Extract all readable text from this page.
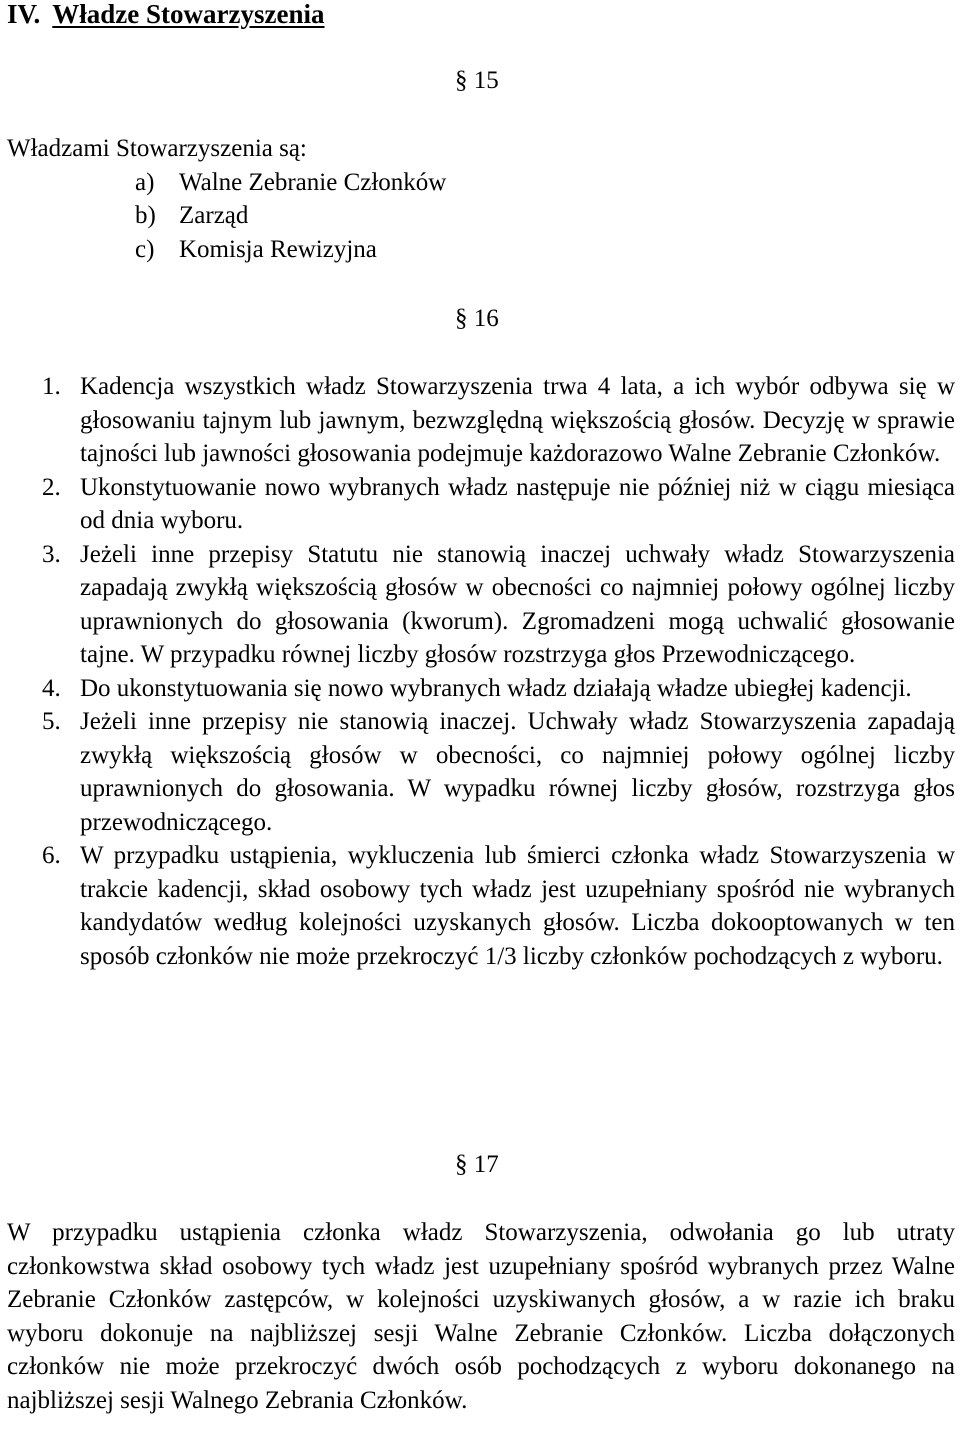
IV. Władze Stowarzyszenia
§ 15
Władzami Stowarzyszenia są:
a) Walne Zebranie Członków
b) Zarząd
c) Komisja Rewizyjna
§ 16
1. Kadencja wszystkich władz Stowarzyszenia trwa 4 lata, a ich wybór odbywa się w głosowaniu tajnym lub jawnym, bezwzględną większością głosów. Decyzję w sprawie tajności lub jawności głosowania podejmuje każdorazowo Walne Zebranie Członków.
2. Ukonstytuowanie nowo wybranych władz następuje nie później niż w ciągu miesiąca od dnia wyboru.
3. Jeżeli inne przepisy Statutu nie stanowią inaczej uchwały władz Stowarzyszenia zapadają zwykłą większością głosów w obecności co najmniej połowy ogólnej liczby uprawnionych do głosowania (kworum). Zgromadzeni mogą uchwalić głosowanie tajne. W przypadku równej liczby głosów rozstrzyga głos Przewodniczącego.
4. Do ukonstytuowania się nowo wybranych władz działają władze ubiegłej kadencji.
5. Jeżeli inne przepisy nie stanowią inaczej. Uchwały władz Stowarzyszenia zapadają zwykłą większością głosów w obecności, co najmniej połowy ogólnej liczby uprawnionych do głosowania. W wypadku równej liczby głosów, rozstrzyga głos przewodniczącego.
6. W przypadku ustąpienia, wykluczenia lub śmierci członka władz Stowarzyszenia w trakcie kadencji, skład osobowy tych władz jest uzupełniany spośród nie wybranych kandydatów według kolejności uzyskanych głosów. Liczba dokooptowanych w ten sposób członków nie może przekroczyć 1/3 liczby członków pochodzących z wyboru.
§ 17
W przypadku ustąpienia członka władz Stowarzyszenia, odwołania go lub utraty członkowstwa skład osobowy tych władz jest uzupełniany spośród wybranych przez Walne Zebranie Członków zastępców, w kolejności uzyskiwanych głosów, a w razie ich braku wyboru dokonuje na najbliższej sesji Walne Zebranie Członków. Liczba dołączonych członków nie może przekroczyć dwóch osób pochodzących z wyboru dokonanego na najbliższej sesji Walnego Zebrania Członków.
